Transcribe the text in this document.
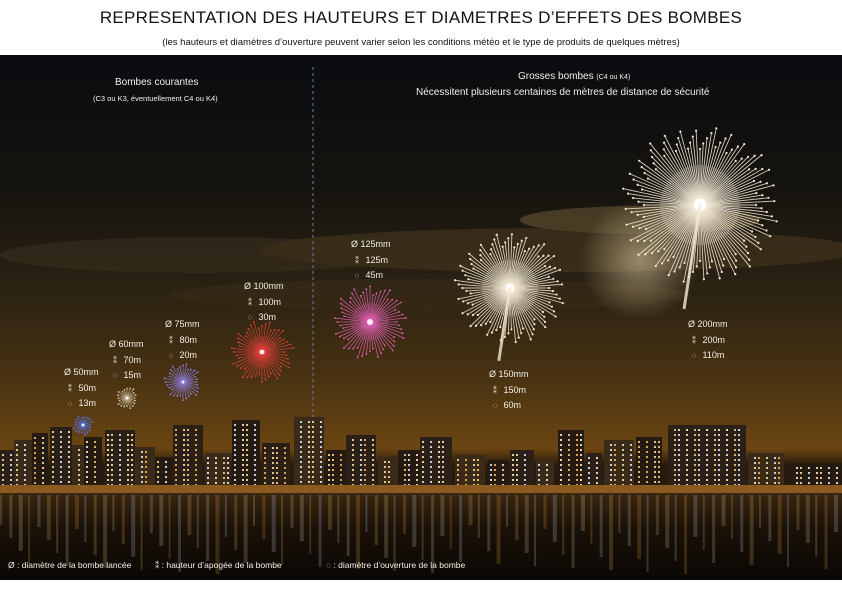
REPRESENTATION DES HAUTEURS ET DIAMETRES D’EFFETS DES BOMBES
(les hauteurs et diamètres d’ouverture peuvent varier selon les conditions météo et le type de produits de quelques mètres)
Bombes courantes
(C3 ou K3, éventuellement C4 ou K4)
Grosses bombes (C4 ou K4)
Nécessitent plusieurs centaines de mètres de distance de sécurité
Ø 50mm
⁑ 50m
◌ 13m
Ø 60mm
⁑ 70m
◌ 15m
Ø 75mm
⁑ 80m
◌ 20m
Ø 100mm
⁑ 100m
◌ 30m
Ø 125mm
⁑ 125m
◌ 45m
Ø 150mm
⁑ 150m
◌ 60m
Ø 200mm
⁑ 200m
◌ 110m
Ø : diamètre de la bombe lancée	⁑ : hauteur d’apogée de la bombe	◌ : diamètre d’ouverture de la bombe
